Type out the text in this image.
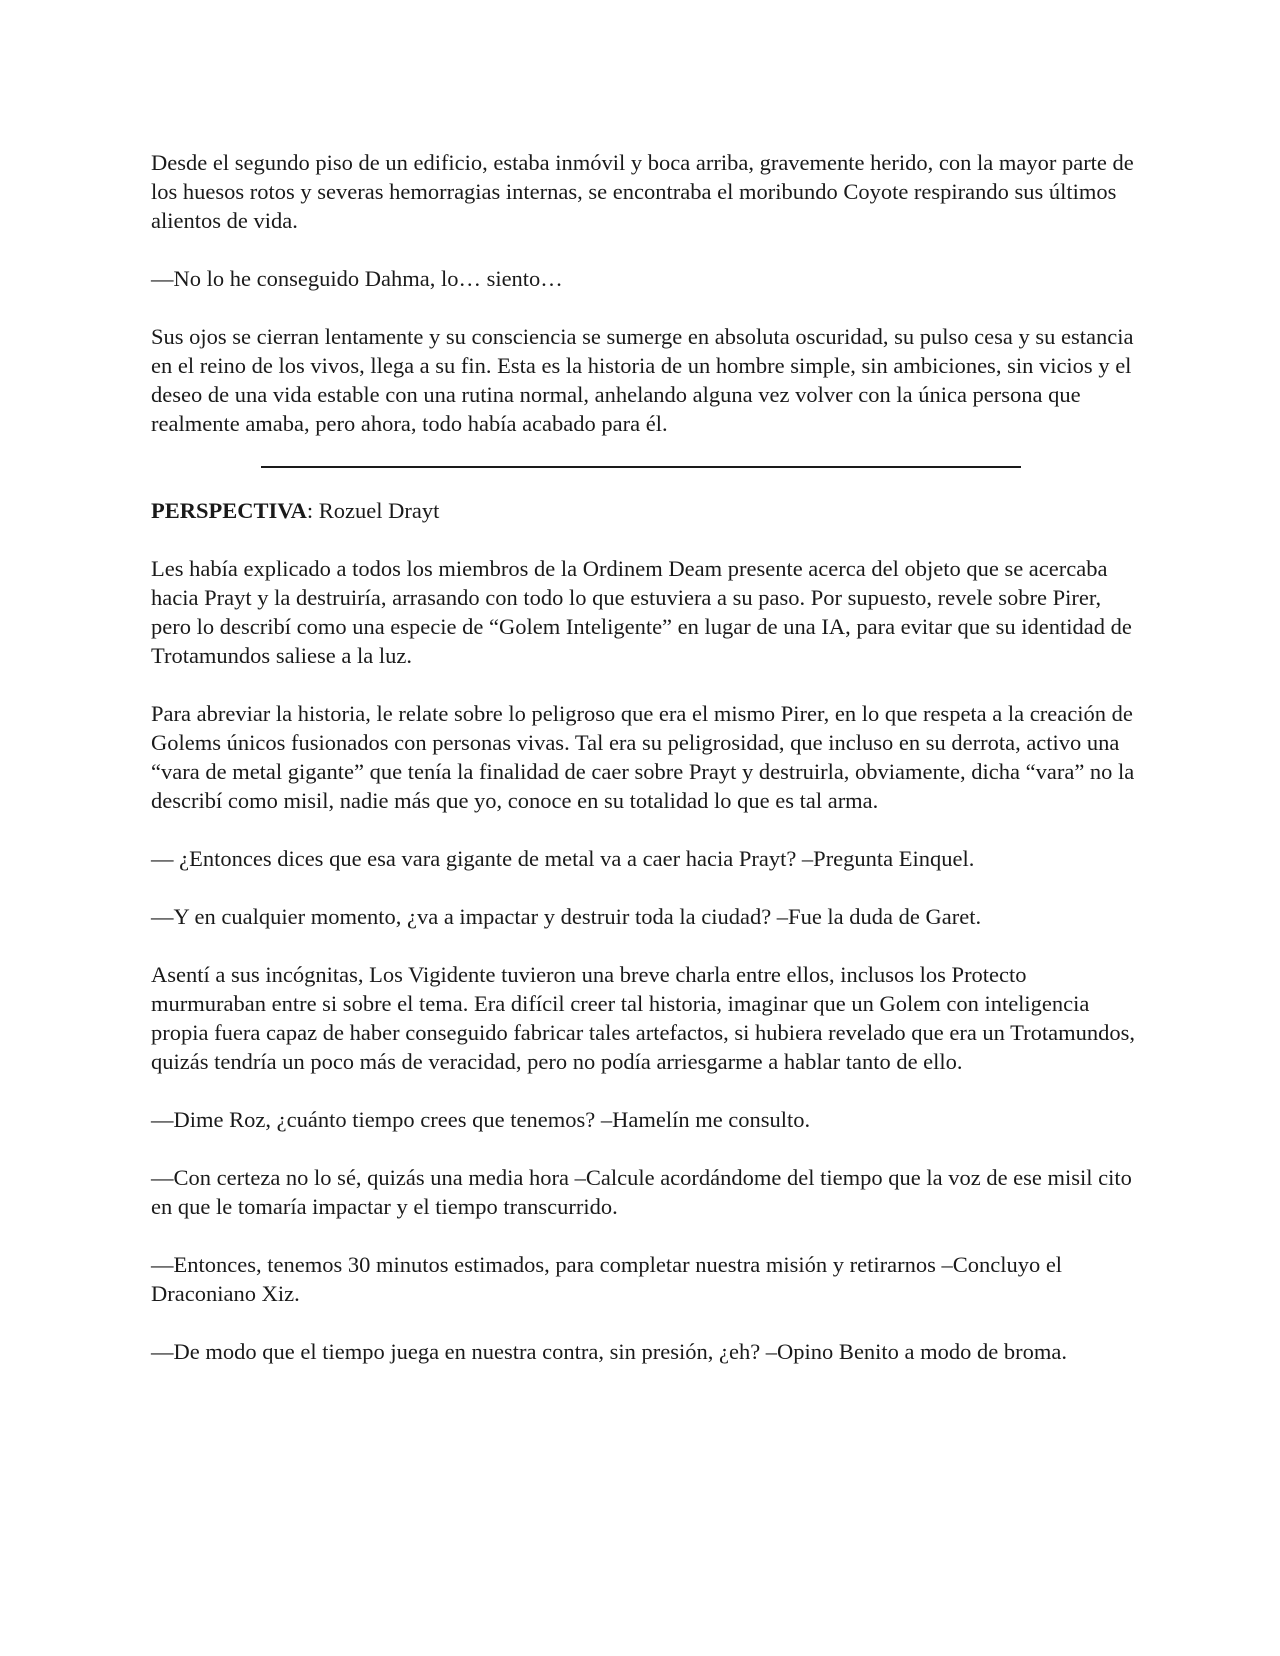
Desde el segundo piso de un edificio, estaba inmóvil y boca arriba, gravemente herido, con la mayor parte de los huesos rotos y severas hemorragias internas, se encontraba el moribundo Coyote respirando sus últimos alientos de vida.

—No lo he conseguido Dahma, lo… siento…

Sus ojos se cierran lentamente y su consciencia se sumerge en absoluta oscuridad, su pulso cesa y su estancia en el reino de los vivos, llega a su fin. Esta es la historia de un hombre simple, sin ambiciones, sin vicios y el deseo de una vida estable con una rutina normal, anhelando alguna vez volver con la única persona que realmente amaba, pero ahora, todo había acabado para él.

PERSPECTIVA: Rozuel Drayt

Les había explicado a todos los miembros de la Ordinem Deam presente acerca del objeto que se acercaba hacia Prayt y la destruiría, arrasando con todo lo que estuviera a su paso. Por supuesto, revele sobre Pirer, pero lo describí como una especie de “Golem Inteligente” en lugar de una IA, para evitar que su identidad de Trotamundos saliese a la luz.

Para abreviar la historia, le relate sobre lo peligroso que era el mismo Pirer, en lo que respeta a la creación de Golems únicos fusionados con personas vivas. Tal era su peligrosidad, que incluso en su derrota, activo una “vara de metal gigante” que tenía la finalidad de caer sobre Prayt y destruirla, obviamente, dicha “vara” no la describí como misil, nadie más que yo, conoce en su totalidad lo que es tal arma.

— ¿Entonces dices que esa vara gigante de metal va a caer hacia Prayt? –Pregunta Einquel.

—Y en cualquier momento, ¿va a impactar y destruir toda la ciudad? –Fue la duda de Garet.

Asentí a sus incógnitas, Los Vigidente tuvieron una breve charla entre ellos, inclusos los Protecto murmuraban entre si sobre el tema. Era difícil creer tal historia, imaginar que un Golem con inteligencia propia fuera capaz de haber conseguido fabricar tales artefactos, si hubiera revelado que era un Trotamundos, quizás tendría un poco más de veracidad, pero no podía arriesgarme a hablar tanto de ello.

—Dime Roz, ¿cuánto tiempo crees que tenemos? –Hamelín me consulto.

—Con certeza no lo sé, quizás una media hora –Calcule acordándome del tiempo que la voz de ese misil cito en que le tomaría impactar y el tiempo transcurrido.

—Entonces, tenemos 30 minutos estimados, para completar nuestra misión y retirarnos –Concluyo el Draconiano Xiz.

—De modo que el tiempo juega en nuestra contra, sin presión, ¿eh? –Opino Benito a modo de broma.
